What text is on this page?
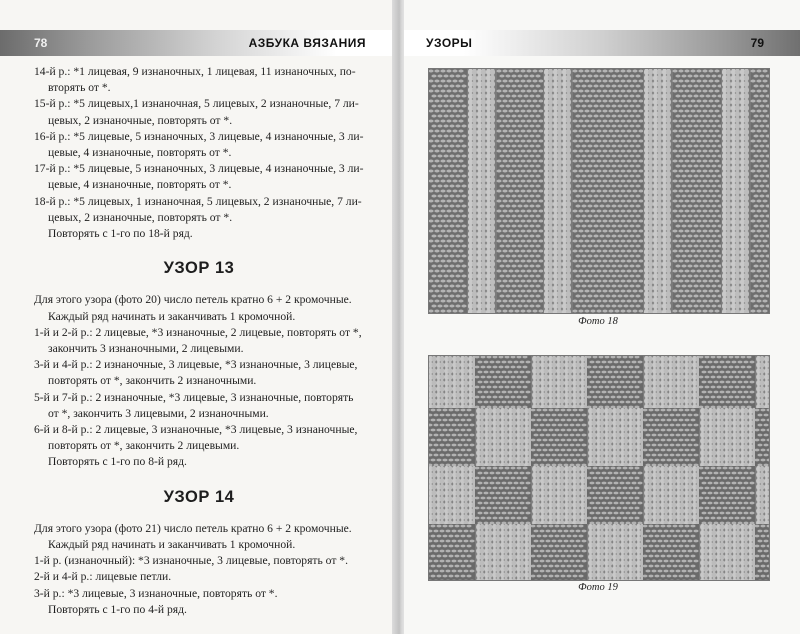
78	АЗБУКА ВЯЗАНИЯ

14-й р.: *1 лицевая, 9 изнаночных, 1 лицевая, 11 изнаночных, по-

вторять от *.

15-й р.: *5 лицевых,1 изнаночная, 5 лицевых, 2 изнаночные, 7 ли-

цевых, 2 изнаночные, повторять от *.

16-й р.: *5 лицевые, 5 изнаночных, 3 лицевые, 4 изнаночные, 3 ли-

цевые, 4 изнаночные, повторять от *.

17-й р.: *5 лицевые, 5 изнаночных, 3 лицевые, 4 изнаночные, 3 ли-

цевые, 4 изнаночные, повторять от *.

18-й р.: *5 лицевых, 1 изнаночная, 5 лицевых, 2 изнаночные, 7 ли-

цевых, 2 изнаночные, повторять от *.

Повторять с 1-го по 18-й ряд.

УЗОР 13

Для этого узора (фото 20) число петель кратно 6 + 2 кромочные.

Каждый ряд начинать и заканчивать 1 кромочной.

1-й и 2-й р.: 2 лицевые, *3 изнаночные, 2 лицевые, повторять от *,

закончить 3 изнаночными, 2 лицевыми.

3-й и 4-й р.: 2 изнаночные, 3 лицевые, *3 изнаночные, 3 лицевые,

повторять от *, закончить 2 изнаночными.

5-й и 7-й р.: 2 изнаночные, *3 лицевые, 3 изнаночные, повторять

от *, закончить 3 лицевыми, 2 изнаночными.

6-й и 8-й р.: 2 лицевые, 3 изнаночные, *3 лицевые, 3 изнаночные,

повторять от *, закончить 2 лицевыми.

Повторять с 1-го по 8-й ряд.

УЗОР 14

Для этого узора (фото 21) число петель кратно 6 + 2 кромочные.

Каждый ряд начинать и заканчивать 1 кромочной.

1-й р. (изнаночный): *3 изнаночные, 3 лицевые, повторять от *.

2-й и 4-й р.: лицевые петли.

3-й р.: *3 лицевые, 3 изнаночные, повторять от *.

Повторять с 1-го по 4-й ряд.

УЗОРЫ	79
Фото 18
Фото 19
